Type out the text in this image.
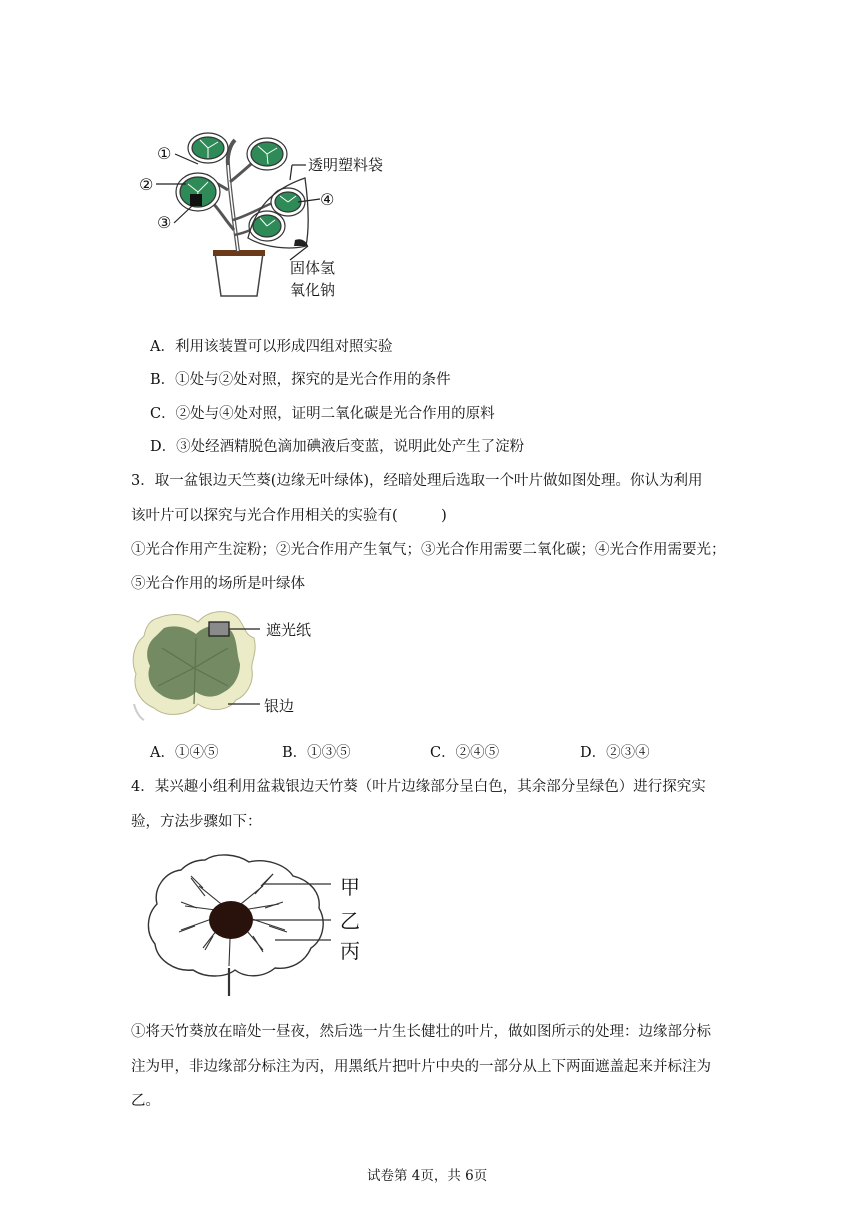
①
②
③
④
透明塑料袋
固体氢
氧化钠
A．利用该装置可以形成四组对照实验
B．①处与②处对照，探究的是光合作用的条件
C．②处与④处对照，证明二氧化碳是光合作用的原料
D．③处经酒精脱色滴加碘液后变蓝，说明此处产生了淀粉
3．取一盆银边天竺葵(边缘无叶绿体)，经暗处理后选取一个叶片做如图处理。你认为利用
该叶片可以探究与光合作用相关的实验有(　　　)
①光合作用产生淀粉；②光合作用产生氧气；③光合作用需要二氧化碳；④光合作用需要光；
⑤光合作用的场所是叶绿体
遮光纸
银边
A．①④⑤	B．①③⑤	C．②④⑤	D．②③④
4．某兴趣小组利用盆栽银边天竹葵（叶片边缘部分呈白色，其余部分呈绿色）进行探究实
验，方法步骤如下：
甲
乙
丙
①将天竹葵放在暗处一昼夜，然后选一片生长健壮的叶片，做如图所示的处理：边缘部分标
注为甲，非边缘部分标注为丙，用黑纸片把叶片中央的一部分从上下两面遮盖起来并标注为
乙。
试卷第 4页，共 6页
